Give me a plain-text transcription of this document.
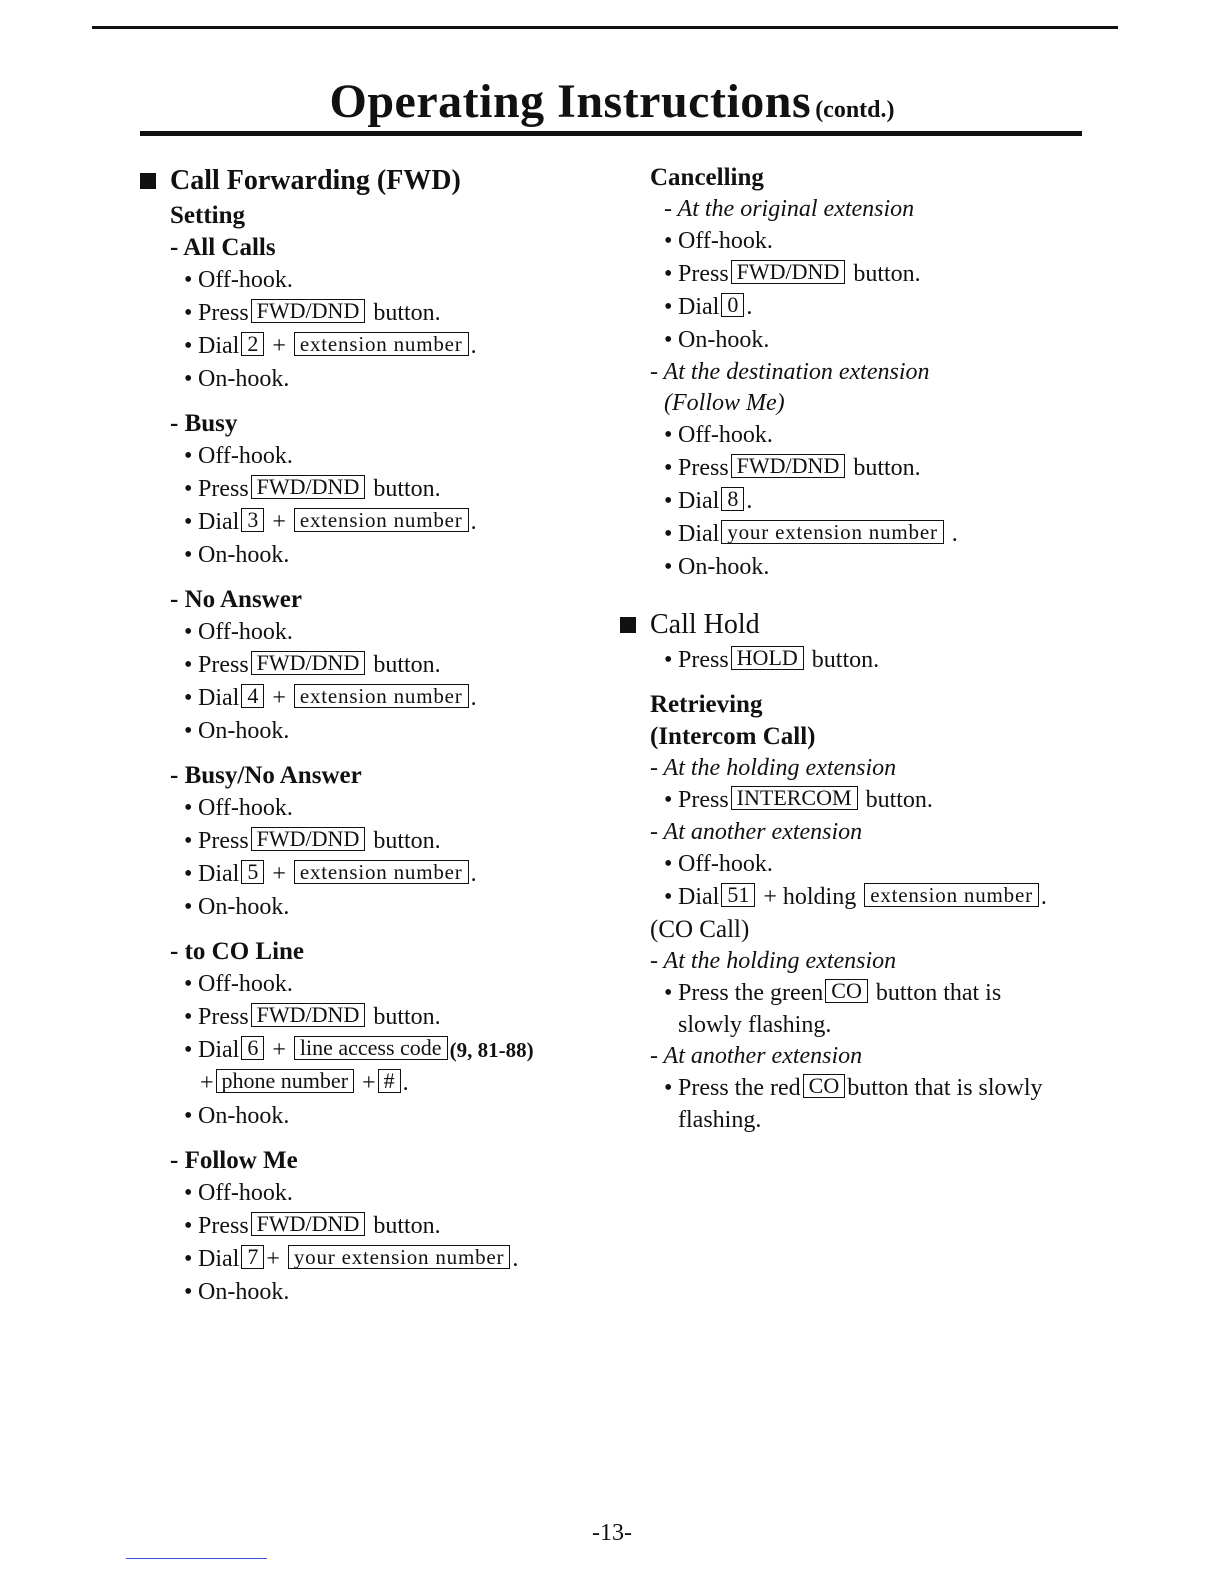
Operating Instructions (contd.)
Call Forwarding (FWD)
Setting
- All Calls
• Off-hook.
• Press FWD/DND button.
• Dial 2 + extension number .
• On-hook.
- Busy
• Off-hook.
• Press FWD/DND button.
• Dial 3 + extension number .
• On-hook.
- No Answer
• Off-hook.
• Press FWD/DND button.
• Dial 4 + extension number .
• On-hook.
- Busy/No Answer
• Off-hook.
• Press FWD/DND button.
• Dial 5 + extension number .
• On-hook.
- to CO Line
• Off-hook.
• Press FWD/DND button.
• Dial 6 + line access code (9, 81-88)
+ phone number + # .
• On-hook.
- Follow Me
• Off-hook.
• Press FWD/DND button.
• Dial 7 + your extension number .
• On-hook.
Cancelling
- At the original extension
• Off-hook.
• Press FWD/DND button.
• Dial 0 .
• On-hook.
- At the destination extension
(Follow Me)
• Off-hook.
• Press FWD/DND button.
• Dial 8 .
• Dial your extension number .
• On-hook.
Call Hold
• Press HOLD button.
Retrieving
(Intercom Call)
- At the holding extension
• Press INTERCOM button.
- At another extension
• Off-hook.
• Dial 51 + holding extension number .
(CO Call)
- At the holding extension
• Press the green CO button that is
slowly flashing.
- At another extension
• Press the red CO button that is slowly
flashing.
-13-
